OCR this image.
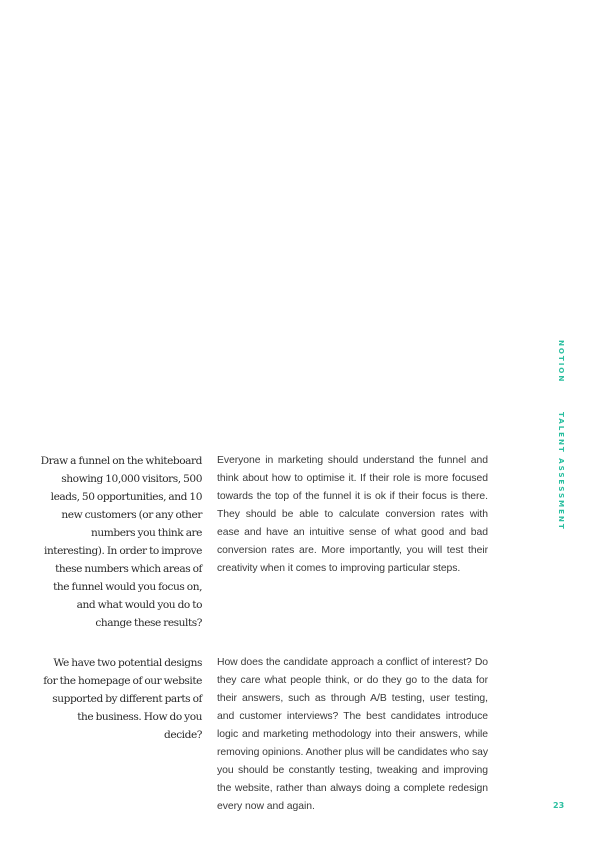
NOTION
TALENT ASSESSMENT
Draw a funnel on the whiteboard showing 10,000 visitors, 500 leads, 50 opportunities, and 10 new customers (or any other numbers you think are interesting). In order to improve these numbers which areas of the funnel would you focus on, and what would you do to change these results?
Everyone in marketing should understand the funnel and think about how to optimise it. If their role is more focused towards the top of the funnel it is ok if their focus is there. They should be able to calculate conversion rates with ease and have an intuitive sense of what good and bad conversion rates are. More importantly, you will test their creativity when it comes to improving particular steps.
We have two potential designs for the homepage of our website supported by different parts of the business. How do you decide?
How does the candidate approach a conflict of interest? Do they care what people think, or do they go to the data for their answers, such as through A/B testing, user testing, and customer interviews? The best candidates introduce logic and marketing methodology into their answers, while removing opinions. Another plus will be candidates who say you should be constantly testing, tweaking and improving the website, rather than always doing a complete redesign every now and again.	23
